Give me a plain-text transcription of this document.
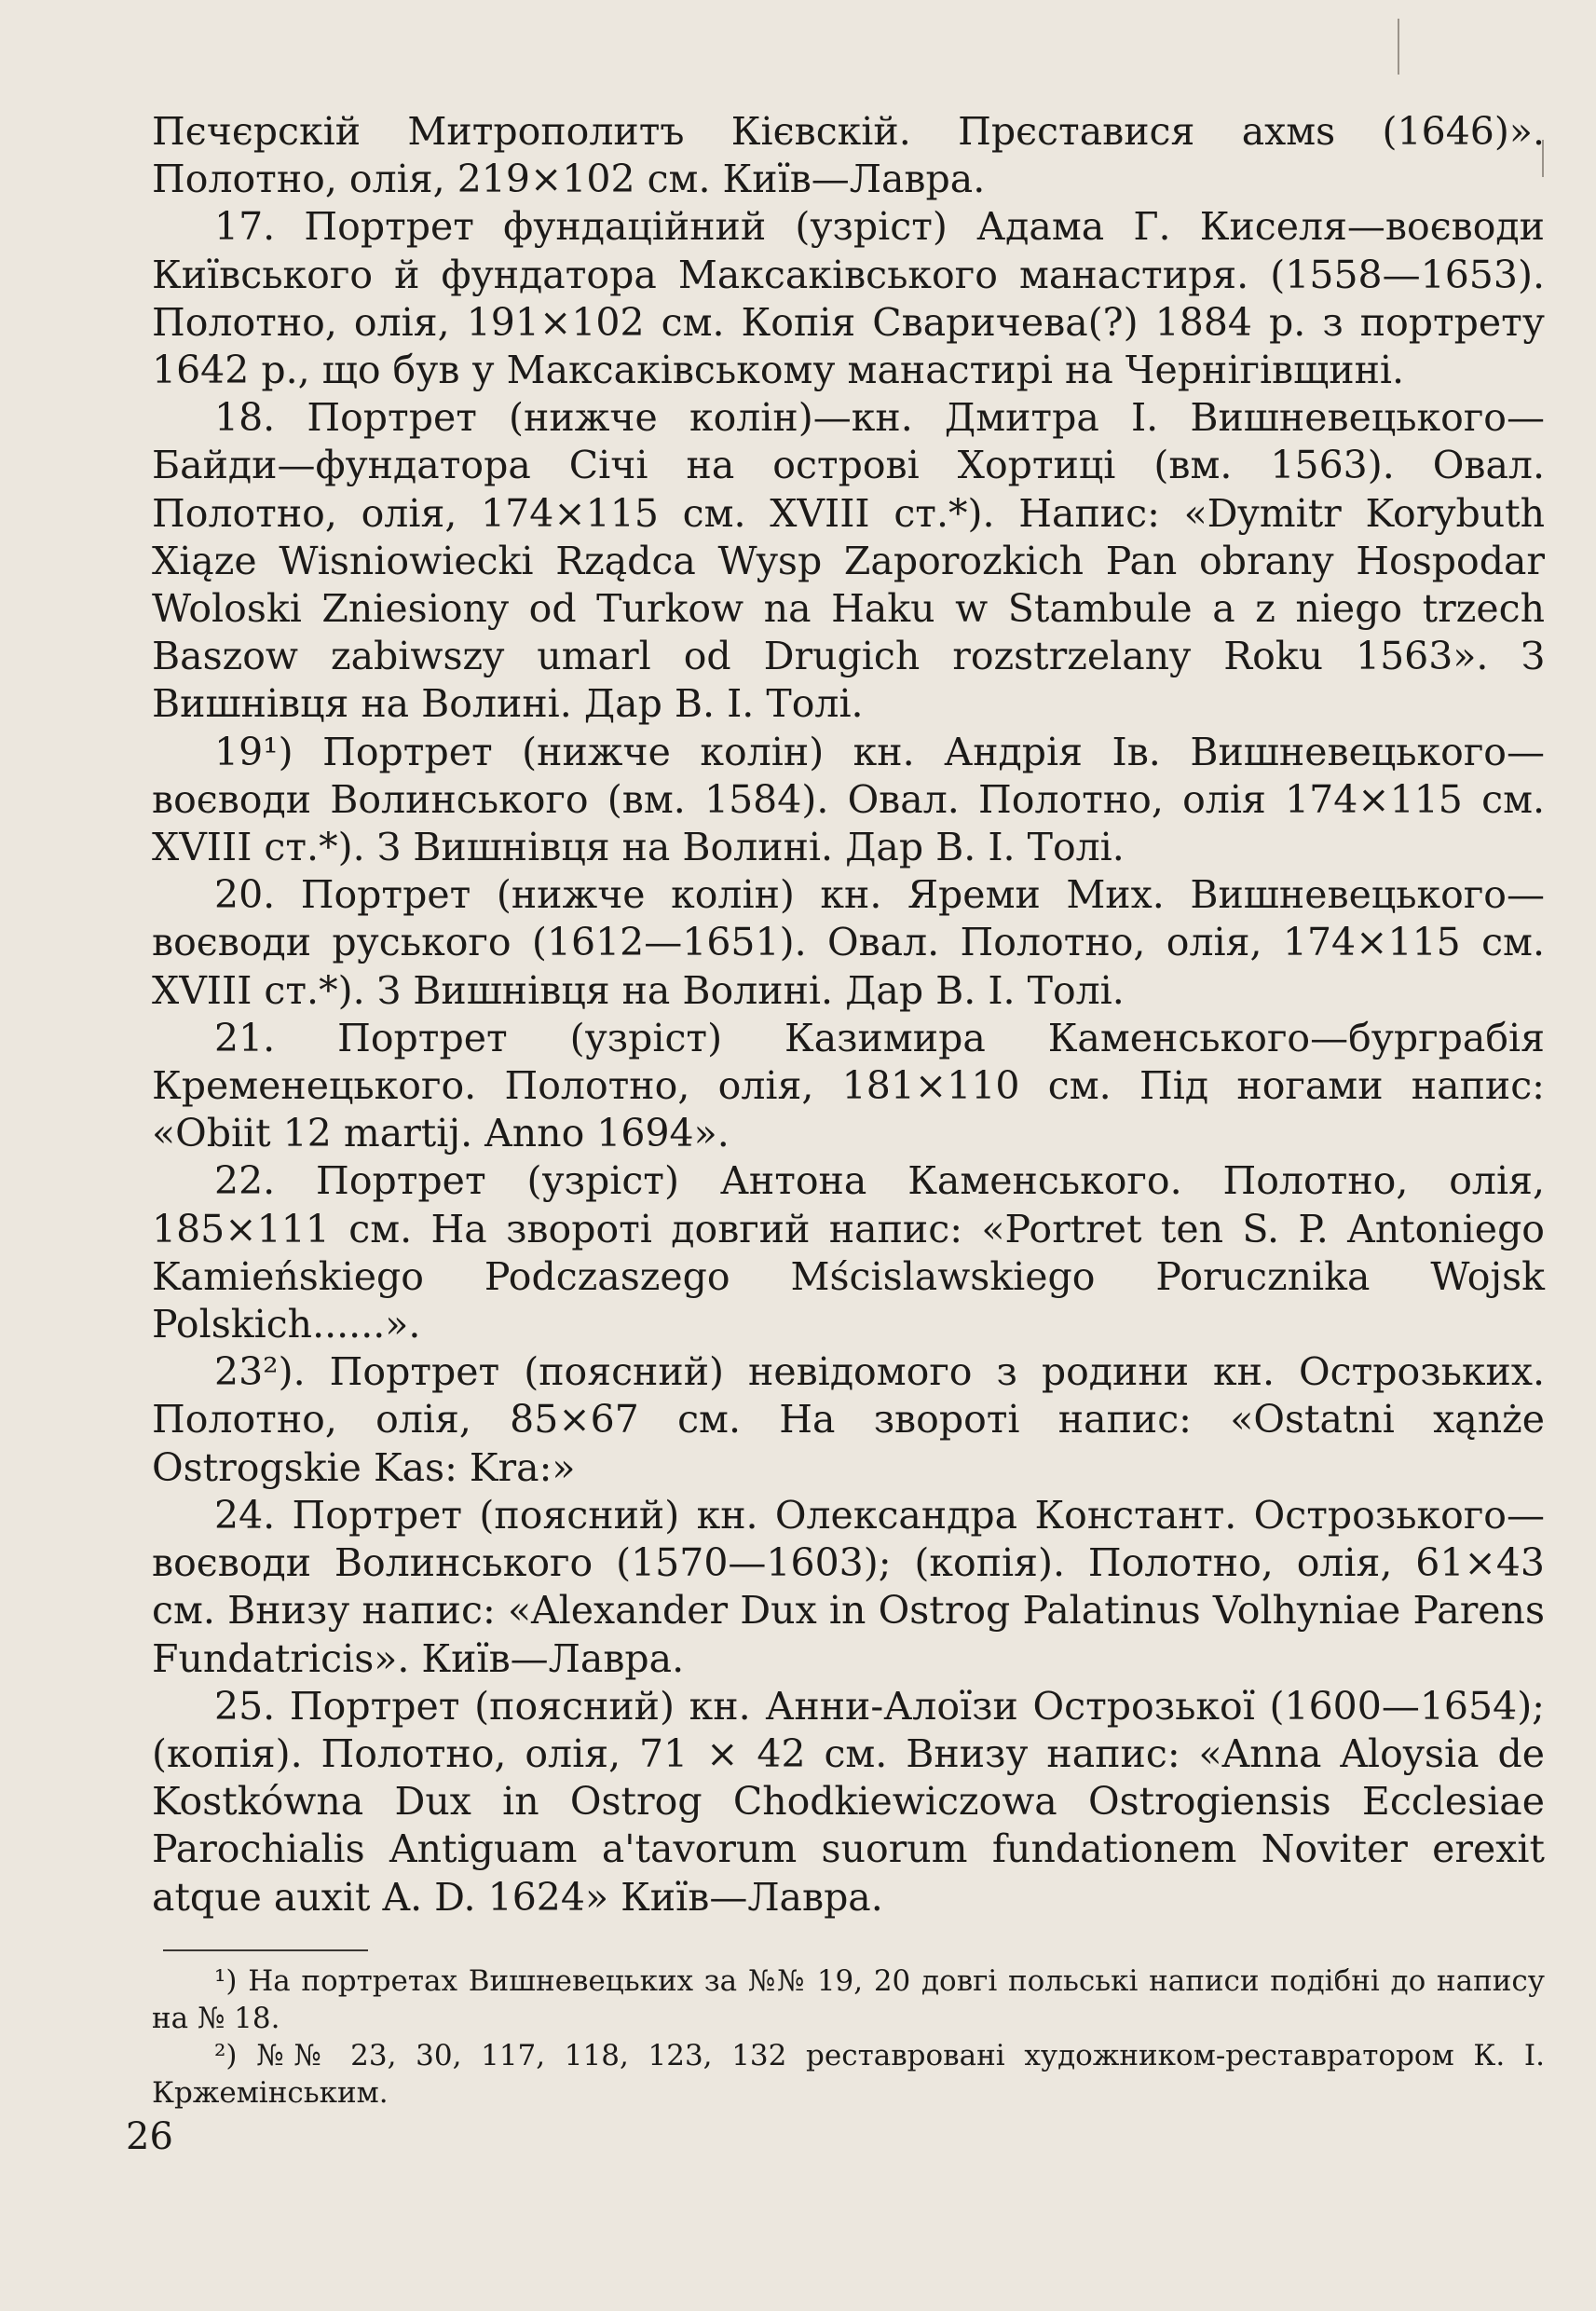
Пєчєрскій Митрополитъ Кієвскій. Прєставися ахмѕ (1646)». Полотно, олія, 219×102 см. Київ—Лавра.

17. Портрет фундаційний (узріст) Адама Г. Киселя—воєводи Київського й фундатора Максаківського манастиря. (1558—1653). Полотно, олія, 191×102 см. Копія Сваричева(?) 1884 р. з портрету 1642 р., що був у Максаківському манастирі на Чернігівщині.

18. Портрет (нижче колін)—кн. Дмитра І. Вишневецького—Байди—фундатора Січі на острові Хортиці (вм. 1563). Овал. Полотно, олія, 174×115 см. XVIII ст.*). Напис: «Dymitr Korybuth Xiąze Wisniowiecki Rządca Wysp Zaporozkich Pan obrany Hospodar Woloski Zniesiony od Turkow na Haku w Stambule a z niego trzech Baszow zabiwszy umarl od Drugich rozstrzelany Roku 1563». З Вишнівця на Волині. Дар В. І. Толі.

19¹) Портрет (нижче колін) кн. Андрія Ів. Вишневецького—воєводи Волинського (вм. 1584). Овал. Полотно, олія 174×115 см. XVIII ст.*). З Вишнівця на Волині. Дар В. І. Толі.

20. Портрет (нижче колін) кн. Яреми Мих. Вишневецького—воєводи руського (1612—1651). Овал. Полотно, олія, 174×115 см. XVIII ст.*). З Вишнівця на Волині. Дар В. І. Толі.

21. Портрет (узріст) Казимира Каменського—бурграбія Кременецького. Полотно, олія, 181×110 см. Під ногами напис: «Obiit 12 martij. Anno 1694».

22. Портрет (узріст) Антона Каменського. Полотно, олія, 185×111 см. На звороті довгий напис: «Portret ten S. P. Antoniego Kamieńskiego Podczaszego Mścislawskiego Porucznika Wojsk Polskich......».

23²). Портрет (поясний) невідомого з родини кн. Острозьких. Полотно, олія, 85×67 см. На звороті напис: «Ostatni xąnże Ostrogskie Kas: Kra:»

24. Портрет (поясний) кн. Олександра Констант. Острозького—воєводи Волинського (1570—1603); (копія). Полотно, олія, 61×43 см. Внизу напис: «Alexander Dux in Ostrog Palatinus Volhyniae Parens Fundatricis». Київ—Лавра.

25. Портрет (поясний) кн. Анни-Алоїзи Острозької (1600—1654); (копія). Полотно, олія, 71 × 42 см. Внизу напис: «Anna Aloysia de Kostkówna Dux in Ostrog Chodkiewiczowa Ostrogiensis Ecclesiae Parochialis Antiguam a'tavorum suorum fundationem Noviter erexit atque auxit A. D. 1624» Київ—Лавра.

¹) На портретах Вишневецьких за №№ 19, 20 довгі польські написи подібні до напису на № 18.

²) №№ 23, 30, 117, 118, 123, 132 реставровані художником-реставратором К. І. Кржемінським.

26
